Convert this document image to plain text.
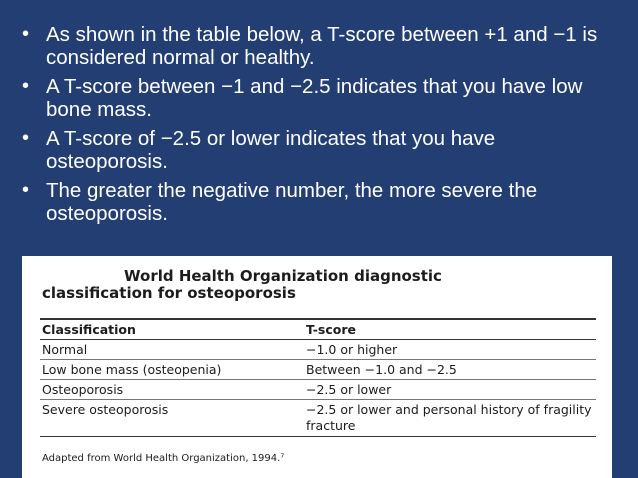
• As shown in the table below, a T-score between +1 and −1 is considered normal or healthy.
• A T-score between −1 and −2.5 indicates that you have low bone mass.
• A T-score of −2.5 or lower indicates that you have osteoporosis.
• The greater the negative number, the more severe the osteoporosis.
World Health Organization diagnostic
classification for osteoporosis
Classification	T-score
Normal	−1.0 or higher
Low bone mass (osteopenia)	Between −1.0 and −2.5
Osteoporosis	−2.5 or lower
Severe osteoporosis	−2.5 or lower and personal history of fragility fracture
Adapted from World Health Organization, 1994.⁷
